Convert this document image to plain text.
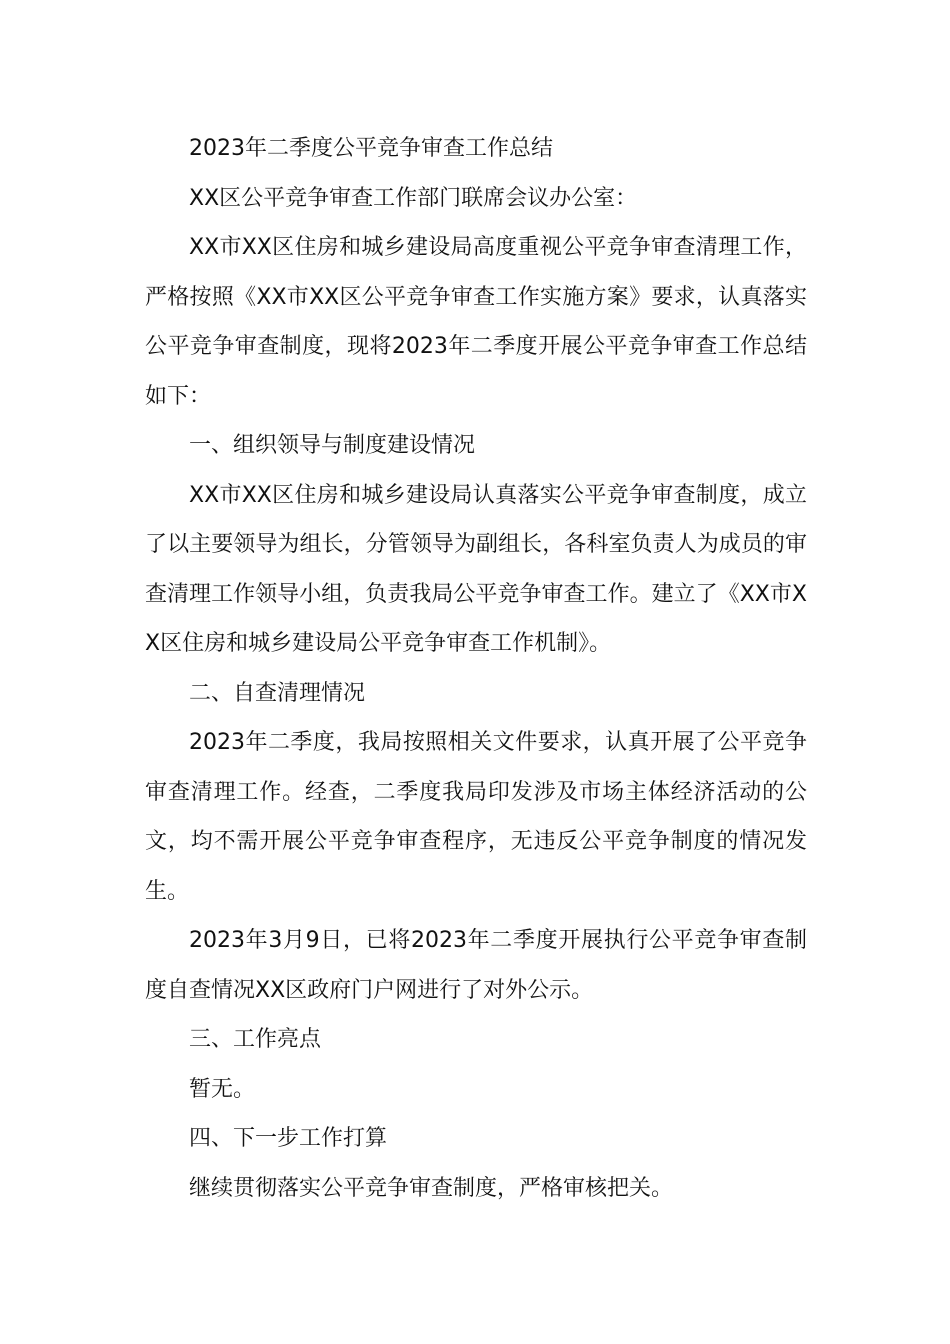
2023年二季度公平竞争审查工作总结

XX区公平竞争审查工作部门联席会议办公室：

XX市XX区住房和城乡建设局高度重视公平竞争审查清理工作，严格按照《XX市XX区公平竞争审查工作实施方案》要求，认真落实公平竞争审查制度，现将2023年二季度开展公平竞争审查工作总结如下：

一、组织领导与制度建设情况

XX市XX区住房和城乡建设局认真落实公平竞争审查制度，成立了以主要领导为组长，分管领导为副组长，各科室负责人为成员的审查清理工作领导小组，负责我局公平竞争审查工作。建立了《XX市XX区住房和城乡建设局公平竞争审查工作机制》。

二、自查清理情况

2023年二季度，我局按照相关文件要求，认真开展了公平竞争审查清理工作。经查，二季度我局印发涉及市场主体经济活动的公文，均不需开展公平竞争审查程序，无违反公平竞争制度的情况发生。

2023年3月9日，已将2023年二季度开展执行公平竞争审查制度自查情况XX区政府门户网进行了对外公示。

三、工作亮点

暂无。

四、下一步工作打算

继续贯彻落实公平竞争审查制度，严格审核把关。
